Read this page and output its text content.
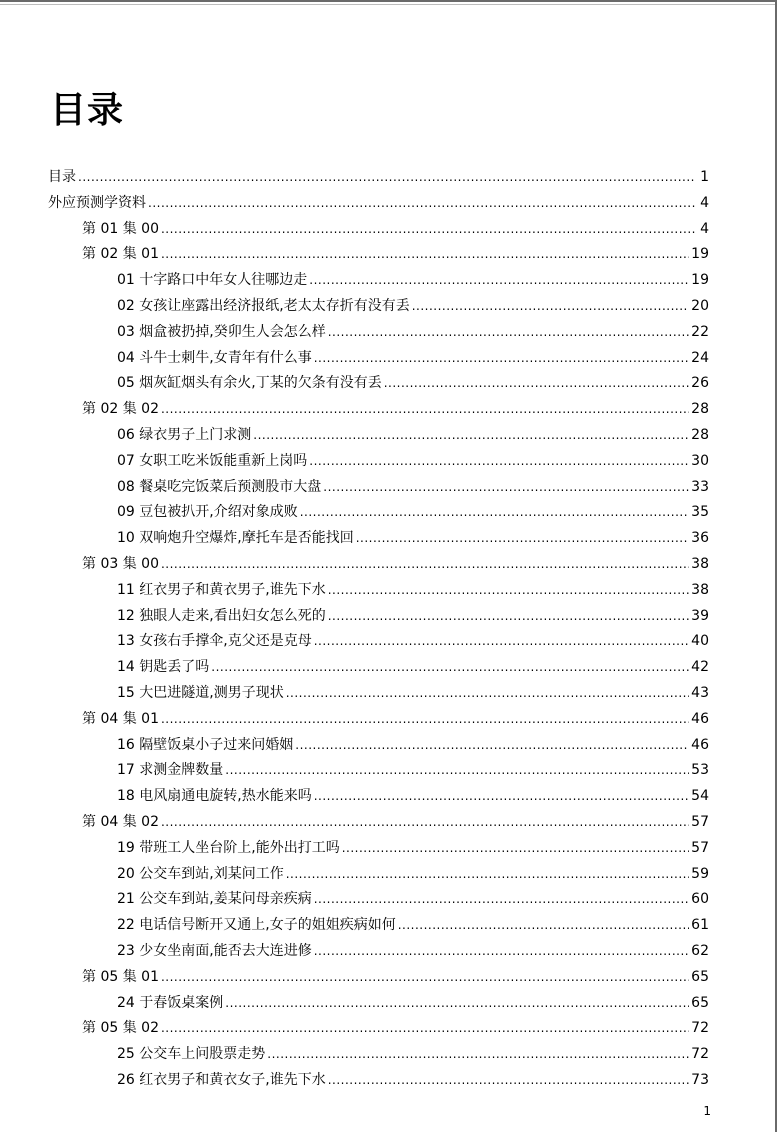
目录
目录 .....	1
外应预测学资料 .....	4
第 01 集 00 .....	4
第 02 集 01 .....	19
01 十字路口中年女人往哪边走 .....	19
02 女孩让座露出经济报纸,老太太存折有没有丢 .....	20
03 烟盒被扔掉,癸卯生人会怎么样 .....	22
04 斗牛士刺牛,女青年有什么事 .....	24
05 烟灰缸烟头有余火,丁某的欠条有没有丢 .....	26
第 02 集 02 .....	28
06 绿衣男子上门求测 .....	28
07 女职工吃米饭能重新上岗吗 .....	30
08 餐桌吃完饭菜后预测股市大盘 .....	33
09 豆包被扒开,介绍对象成败 .....	35
10 双响炮升空爆炸,摩托车是否能找回 .....	36
第 03 集 00 .....	38
11 红衣男子和黄衣男子,谁先下水 .....	38
12 独眼人走来,看出妇女怎么死的 .....	39
13 女孩右手撑伞,克父还是克母 .....	40
14 钥匙丢了吗 .....	42
15 大巴进隧道,测男子现状 .....	43
第 04 集 01 .....	46
16 隔壁饭桌小子过来问婚姻 .....	46
17 求测金牌数量 .....	53
18 电风扇通电旋转,热水能来吗 .....	54
第 04 集 02 .....	57
19 带班工人坐台阶上,能外出打工吗 .....	57
20 公交车到站,刘某问工作 .....	59
21 公交车到站,姜某问母亲疾病 .....	60
22 电话信号断开又通上,女子的姐姐疾病如何 .....	61
23 少女坐南面,能否去大连进修 .....	62
第 05 集 01 .....	65
24 于春饭桌案例 .....	65
第 05 集 02 .....	72
25 公交车上问股票走势 .....	72
26 红衣男子和黄衣女子,谁先下水 .....	73
1
